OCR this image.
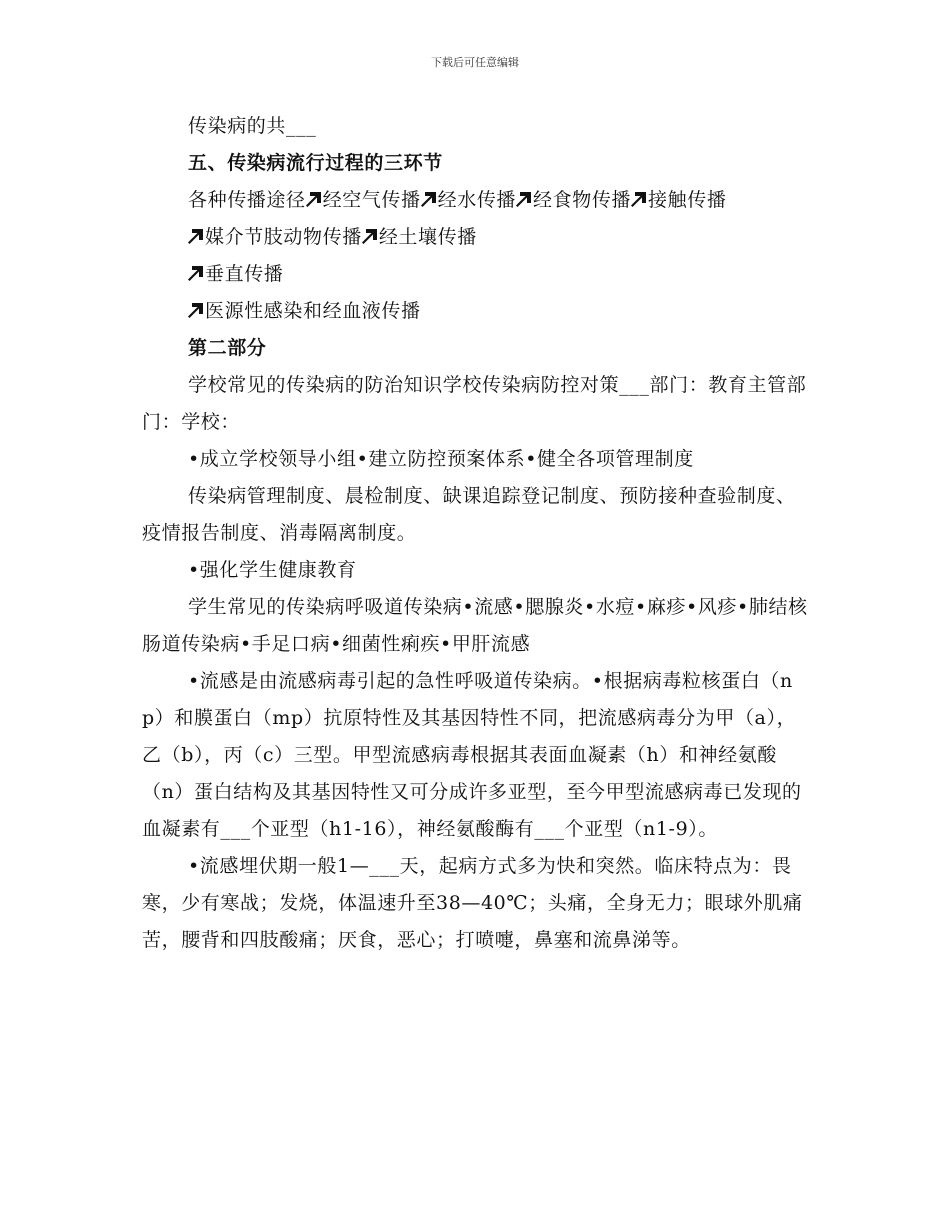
下载后可任意编辑

传染病的共___

五、传染病流行过程的三环节

各种传播途径 经空气传播 经水传播 经食物传播 接触传播

媒介节肢动物传播 经土壤传播

垂直传播

医源性感染和经血液传播

第二部分

学校常见的传染病的防治知识学校传染病防控对策___部门：教育主管部门：学校：

•成立学校领导小组•建立防控预案体系•健全各项管理制度

传染病管理制度、晨检制度、缺课追踪登记制度、预防接种查验制度、疫情报告制度、消毒隔离制度。

•强化学生健康教育

学生常见的传染病呼吸道传染病•流感•腮腺炎•水痘•麻疹•风疹•肺结核肠道传染病•手足口病•细菌性痢疾•甲肝流感

•流感是由流感病毒引起的急性呼吸道传染病。•根据病毒粒核蛋白（np）和膜蛋白（mp）抗原特性及其基因特性不同，把流感病毒分为甲（a），乙（b），丙（c）三型。甲型流感病毒根据其表面血凝素（h）和神经氨酸（n）蛋白结构及其基因特性又可分成许多亚型，至今甲型流感病毒已发现的血凝素有___个亚型（h1-16），神经氨酸酶有___个亚型（n1-9）。

•流感埋伏期一般1—___天，起病方式多为快和突然。临床特点为：畏寒，少有寒战；发烧，体温速升至38—40℃；头痛，全身无力；眼球外肌痛苦，腰背和四肢酸痛；厌食，恶心；打喷嚏，鼻塞和流鼻涕等。
